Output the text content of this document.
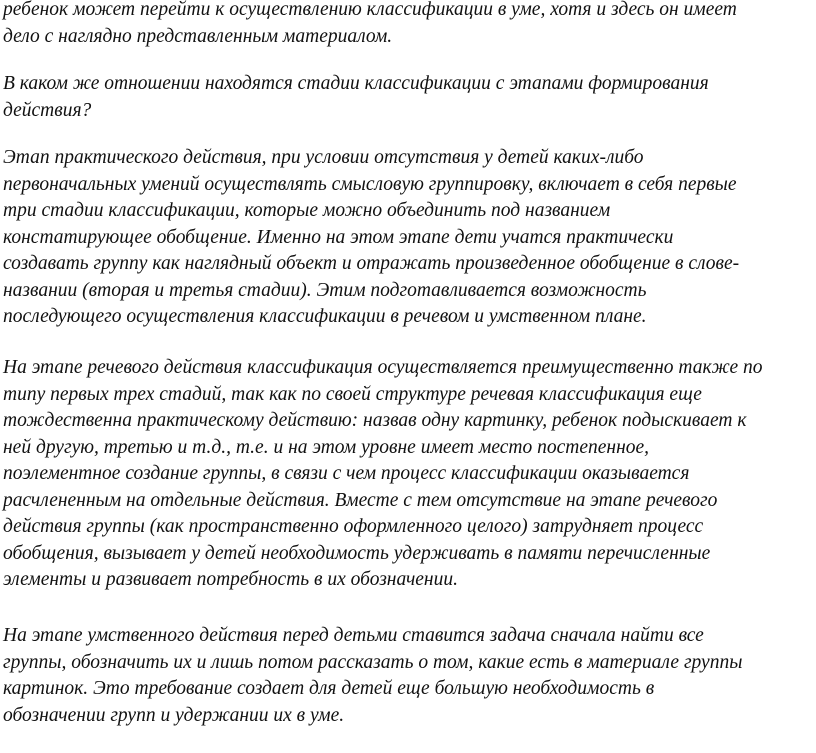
ребенок может перейти к осуществлению классификации в уме, хотя и здесь он имеет
дело с наглядно представленным материалом.
В каком же отношении находятся стадии классификации с этапами формирования
действия?
Этап практического действия, при условии отсутствия у детей каких-либо
первоначальных умений осуществлять смысловую группировку, включает в себя первые
три стадии классификации, которые можно объединить под названием
констатирующее обобщение. Именно на этом этапе дети учатся практически
создавать группу как наглядный объект и отражать произведенное обобщение в слове-
названии (вторая и третья стадии). Этим подготавливается возможность
последующего осуществления классификации в речевом и умственном плане.
На этапе речевого действия классификация осуществляется преимущественно также по
типу первых трех стадий, так как по своей структуре речевая классификация еще
тождественна практическому действию: назвав одну картинку, ребенок подыскивает к
ней другую, третью и т.д., т.е. и на этом уровне имеет место постепенное,
поэлементное создание группы, в связи с чем процесс классификации оказывается
расчлененным на отдельные действия. Вместе с тем отсутствие на этапе речевого
действия группы (как пространственно оформленного целого) затрудняет процесс
обобщения, вызывает у детей необходимость удерживать в памяти перечисленные
элементы и развивает потребность в их обозначении.
На этапе умственного действия перед детьми ставится задача сначала найти все
группы, обозначить их и лишь потом рассказать о том, какие есть в материале группы
картинок. Это требование создает для детей еще большую необходимость в
обозначении групп и удержании их в уме.
